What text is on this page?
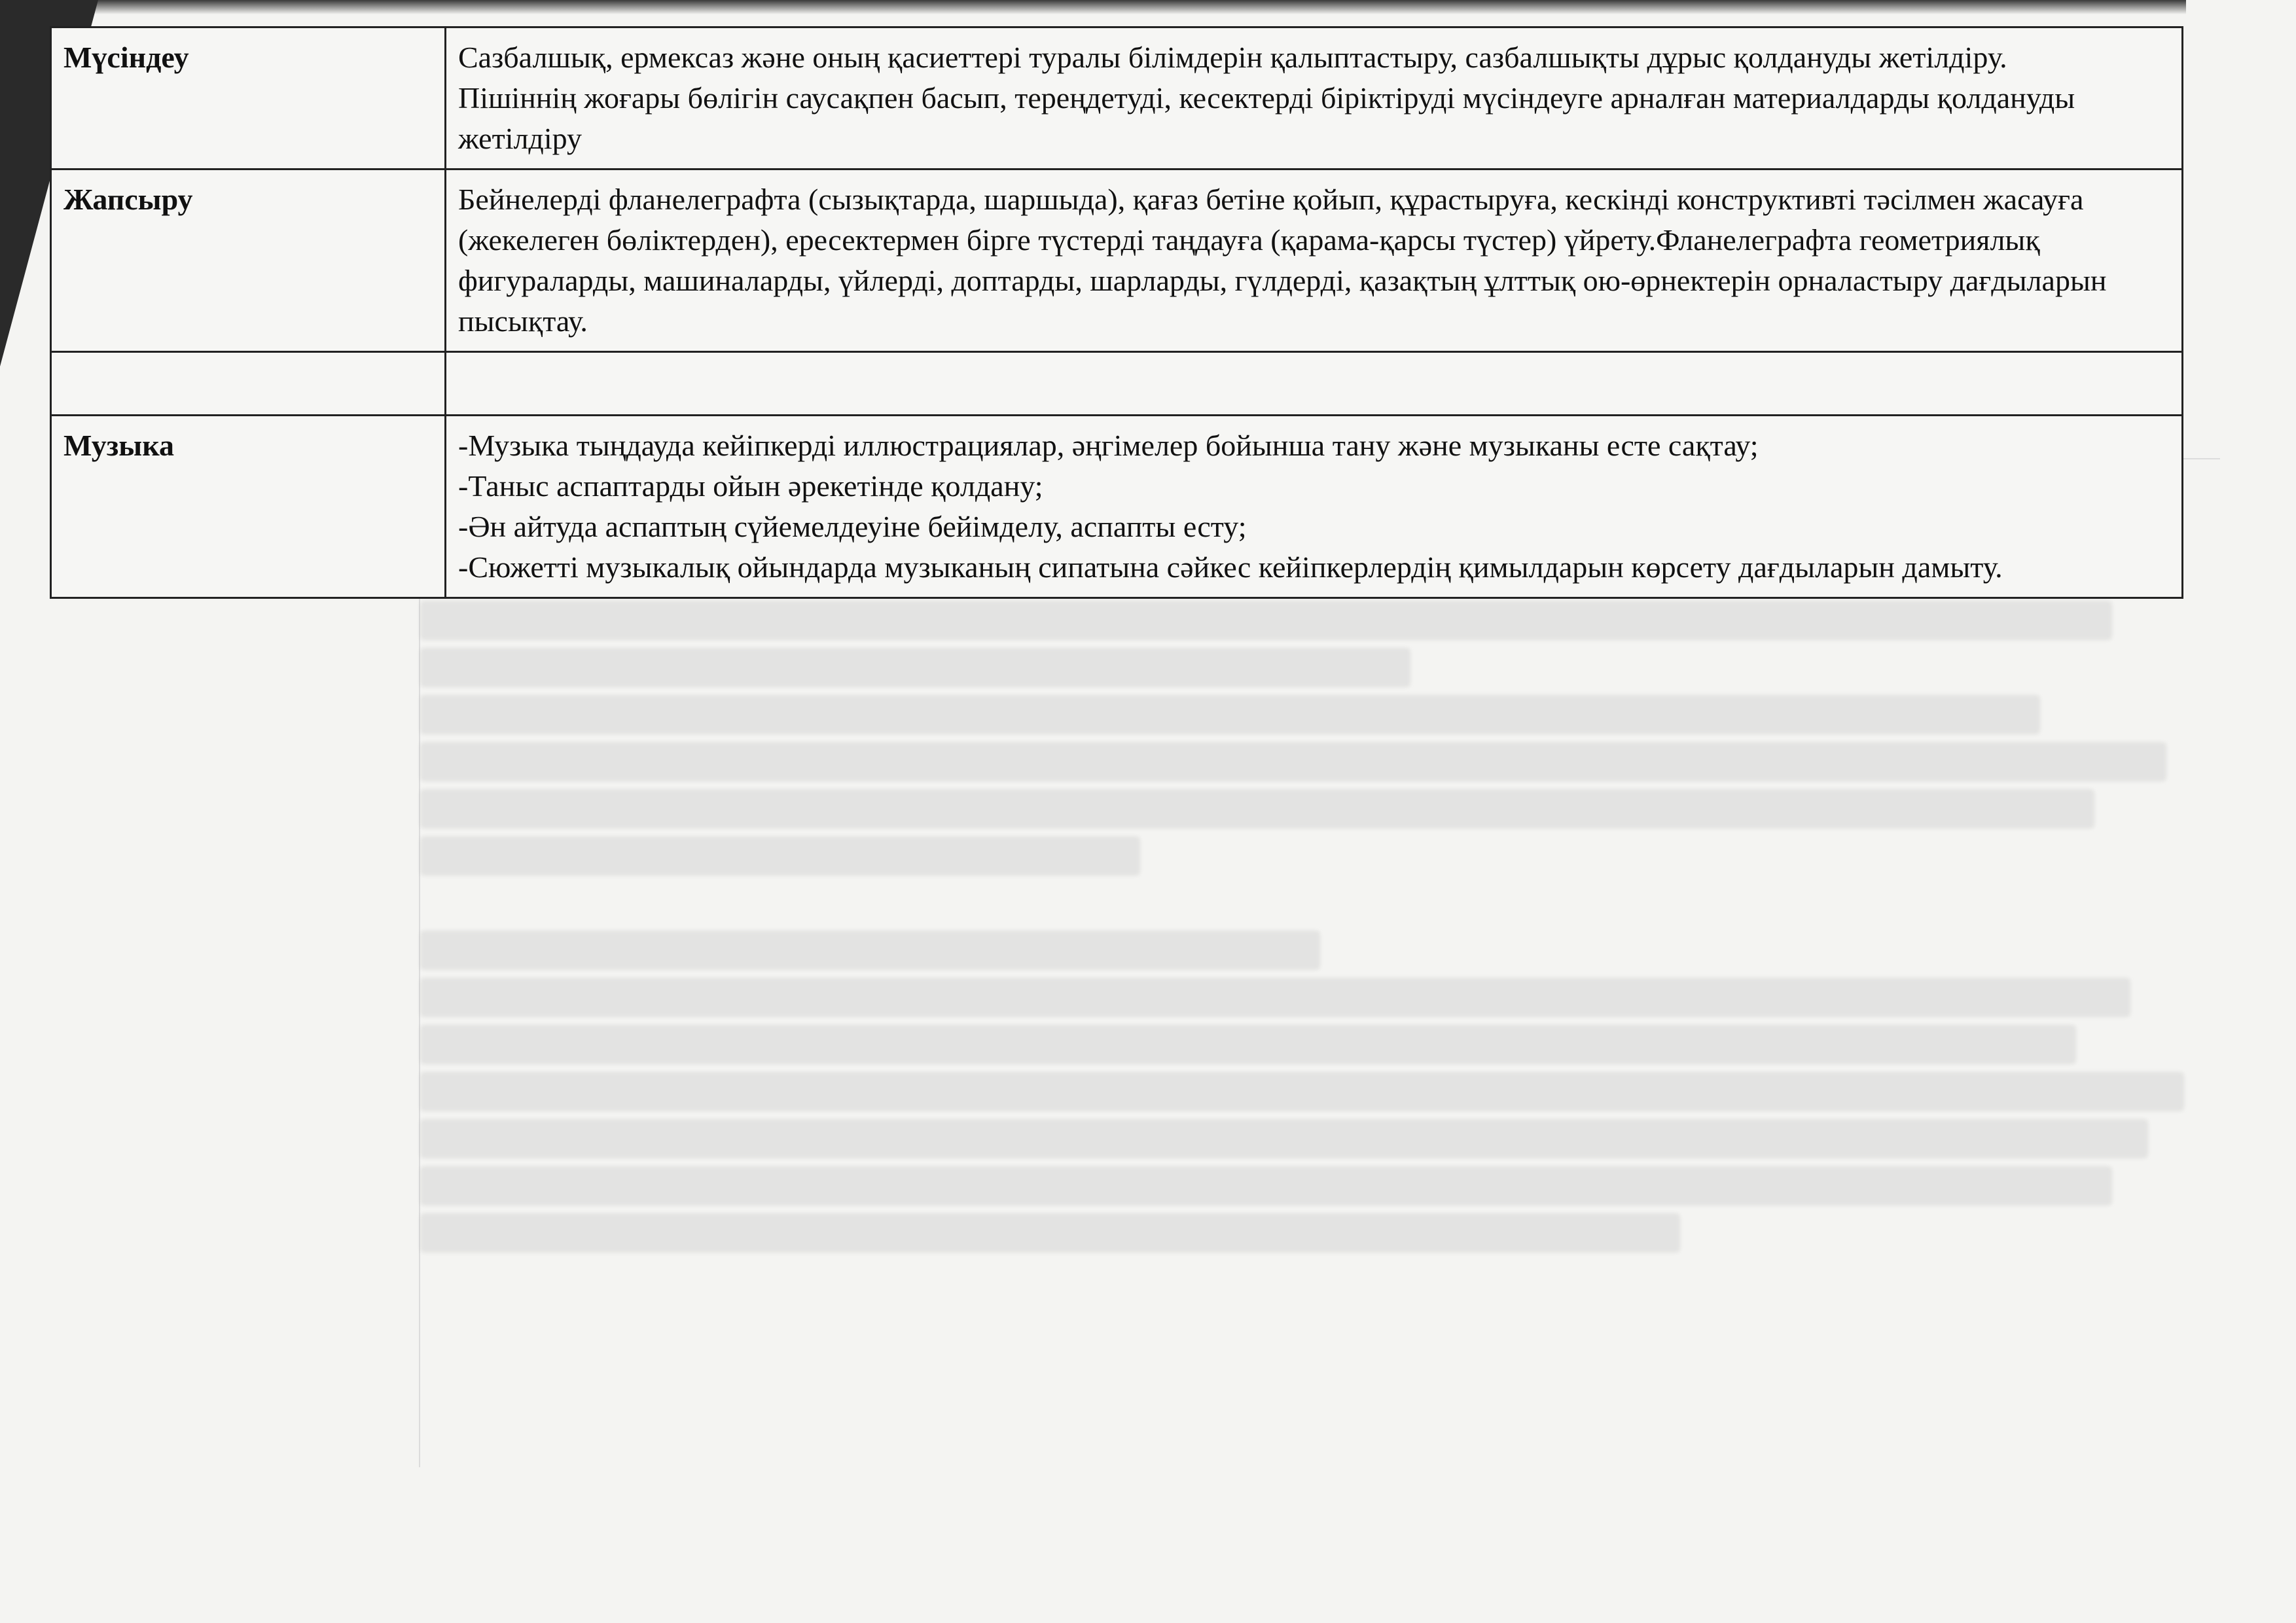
Мүсіндеу	Сазбалшық, ермексаз және оның қасиеттері туралы білімдерін қалыптастыру, сазбалшықты дұрыс қолдануды жетілдіру.

Пішіннің жоғары бөлігін саусақпен басып, тереңдетуді, кесектерді біріктіруді мүсіндеуге арналған материалдарды қолдануды жетілдіру

Жапсыру	Бейнелерді фланелеграфта (сызықтарда, шаршыда), қағаз бетіне қойып, құрастыруға, кескінді конструктивті тәсілмен жасауға (жекелеген бөліктерден), ересектермен бірге түстерді таңдауға (қарама-қарсы түстер) үйрету.Фланелеграфта геометриялық фигураларды, машиналарды, үйлерді, доптарды, шарларды, гүлдерді, қазақтың ұлттық ою-өрнектерін орналастыру дағдыларын пысықтау.

Музыка	-Музыка тыңдауда кейіпкерді иллюстрациялар, әңгімелер бойынша тану және музыканы есте сақтау;

-Таныс аспаптарды ойын әрекетінде қолдану;

-Ән айтуда аспаптың сүйемелдеуіне бейімделу, аспапты есту;

-Сюжетті музыкалық ойындарда музыканың сипатына сәйкес кейіпкерлердің қимылдарын көрсету дағдыларын дамыту.
